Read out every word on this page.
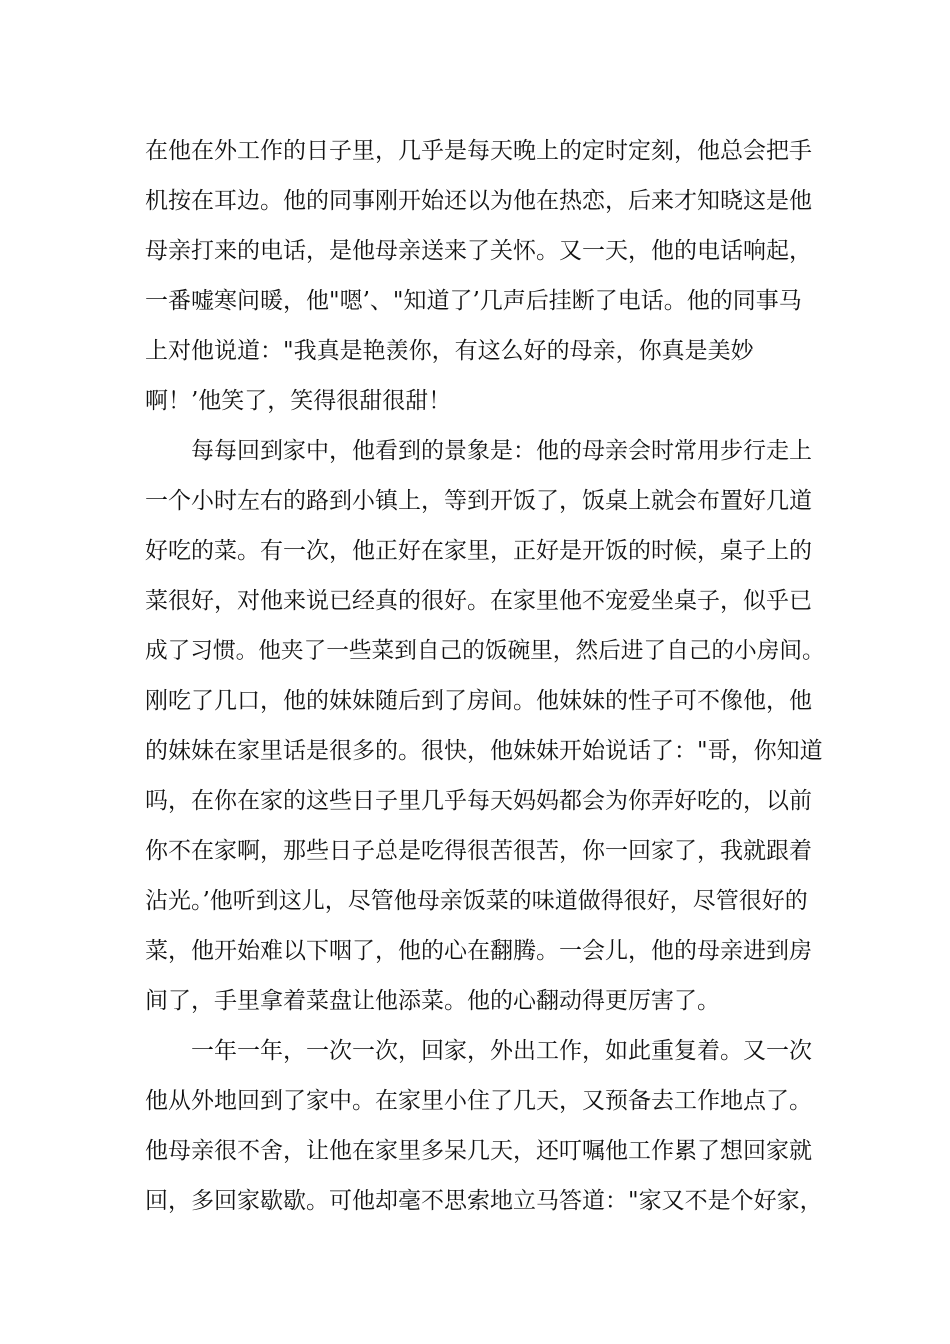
在他在外工作的日子里，几乎是每天晚上的定时定刻，他总会把手
机按在耳边。他的同事刚开始还以为他在热恋，后来才知晓这是他
母亲打来的电话，是他母亲送来了关怀。又一天，他的电话响起，
一番嘘寒问暖，他"嗯’、"知道了’几声后挂断了电话。他的同事马
上对他说道："我真是艳羡你，有这么好的母亲，你真是美妙
啊！’他笑了，笑得很甜很甜！
每每回到家中，他看到的景象是：他的母亲会时常用步行走上
一个小时左右的路到小镇上，等到开饭了，饭桌上就会布置好几道
好吃的菜。有一次，他正好在家里，正好是开饭的时候，桌子上的
菜很好，对他来说已经真的很好。在家里他不宠爱坐桌子，似乎已
成了习惯。他夹了一些菜到自己的饭碗里，然后进了自己的小房间。
刚吃了几口，他的妹妹随后到了房间。他妹妹的性子可不像他，他
的妹妹在家里话是很多的。很快，他妹妹开始说话了："哥，你知道
吗，在你在家的这些日子里几乎每天妈妈都会为你弄好吃的，以前
你不在家啊，那些日子总是吃得很苦很苦，你一回家了，我就跟着
沾光。’他听到这儿，尽管他母亲饭菜的味道做得很好，尽管很好的
菜，他开始难以下咽了，他的心在翻腾。一会儿，他的母亲进到房
间了，手里拿着菜盘让他添菜。他的心翻动得更厉害了。
一年一年，一次一次，回家，外出工作，如此重复着。又一次
他从外地回到了家中。在家里小住了几天，又预备去工作地点了。
他母亲很不舍，让他在家里多呆几天，还叮嘱他工作累了想回家就
回，多回家歇歇。可他却毫不思索地立马答道："家又不是个好家，
